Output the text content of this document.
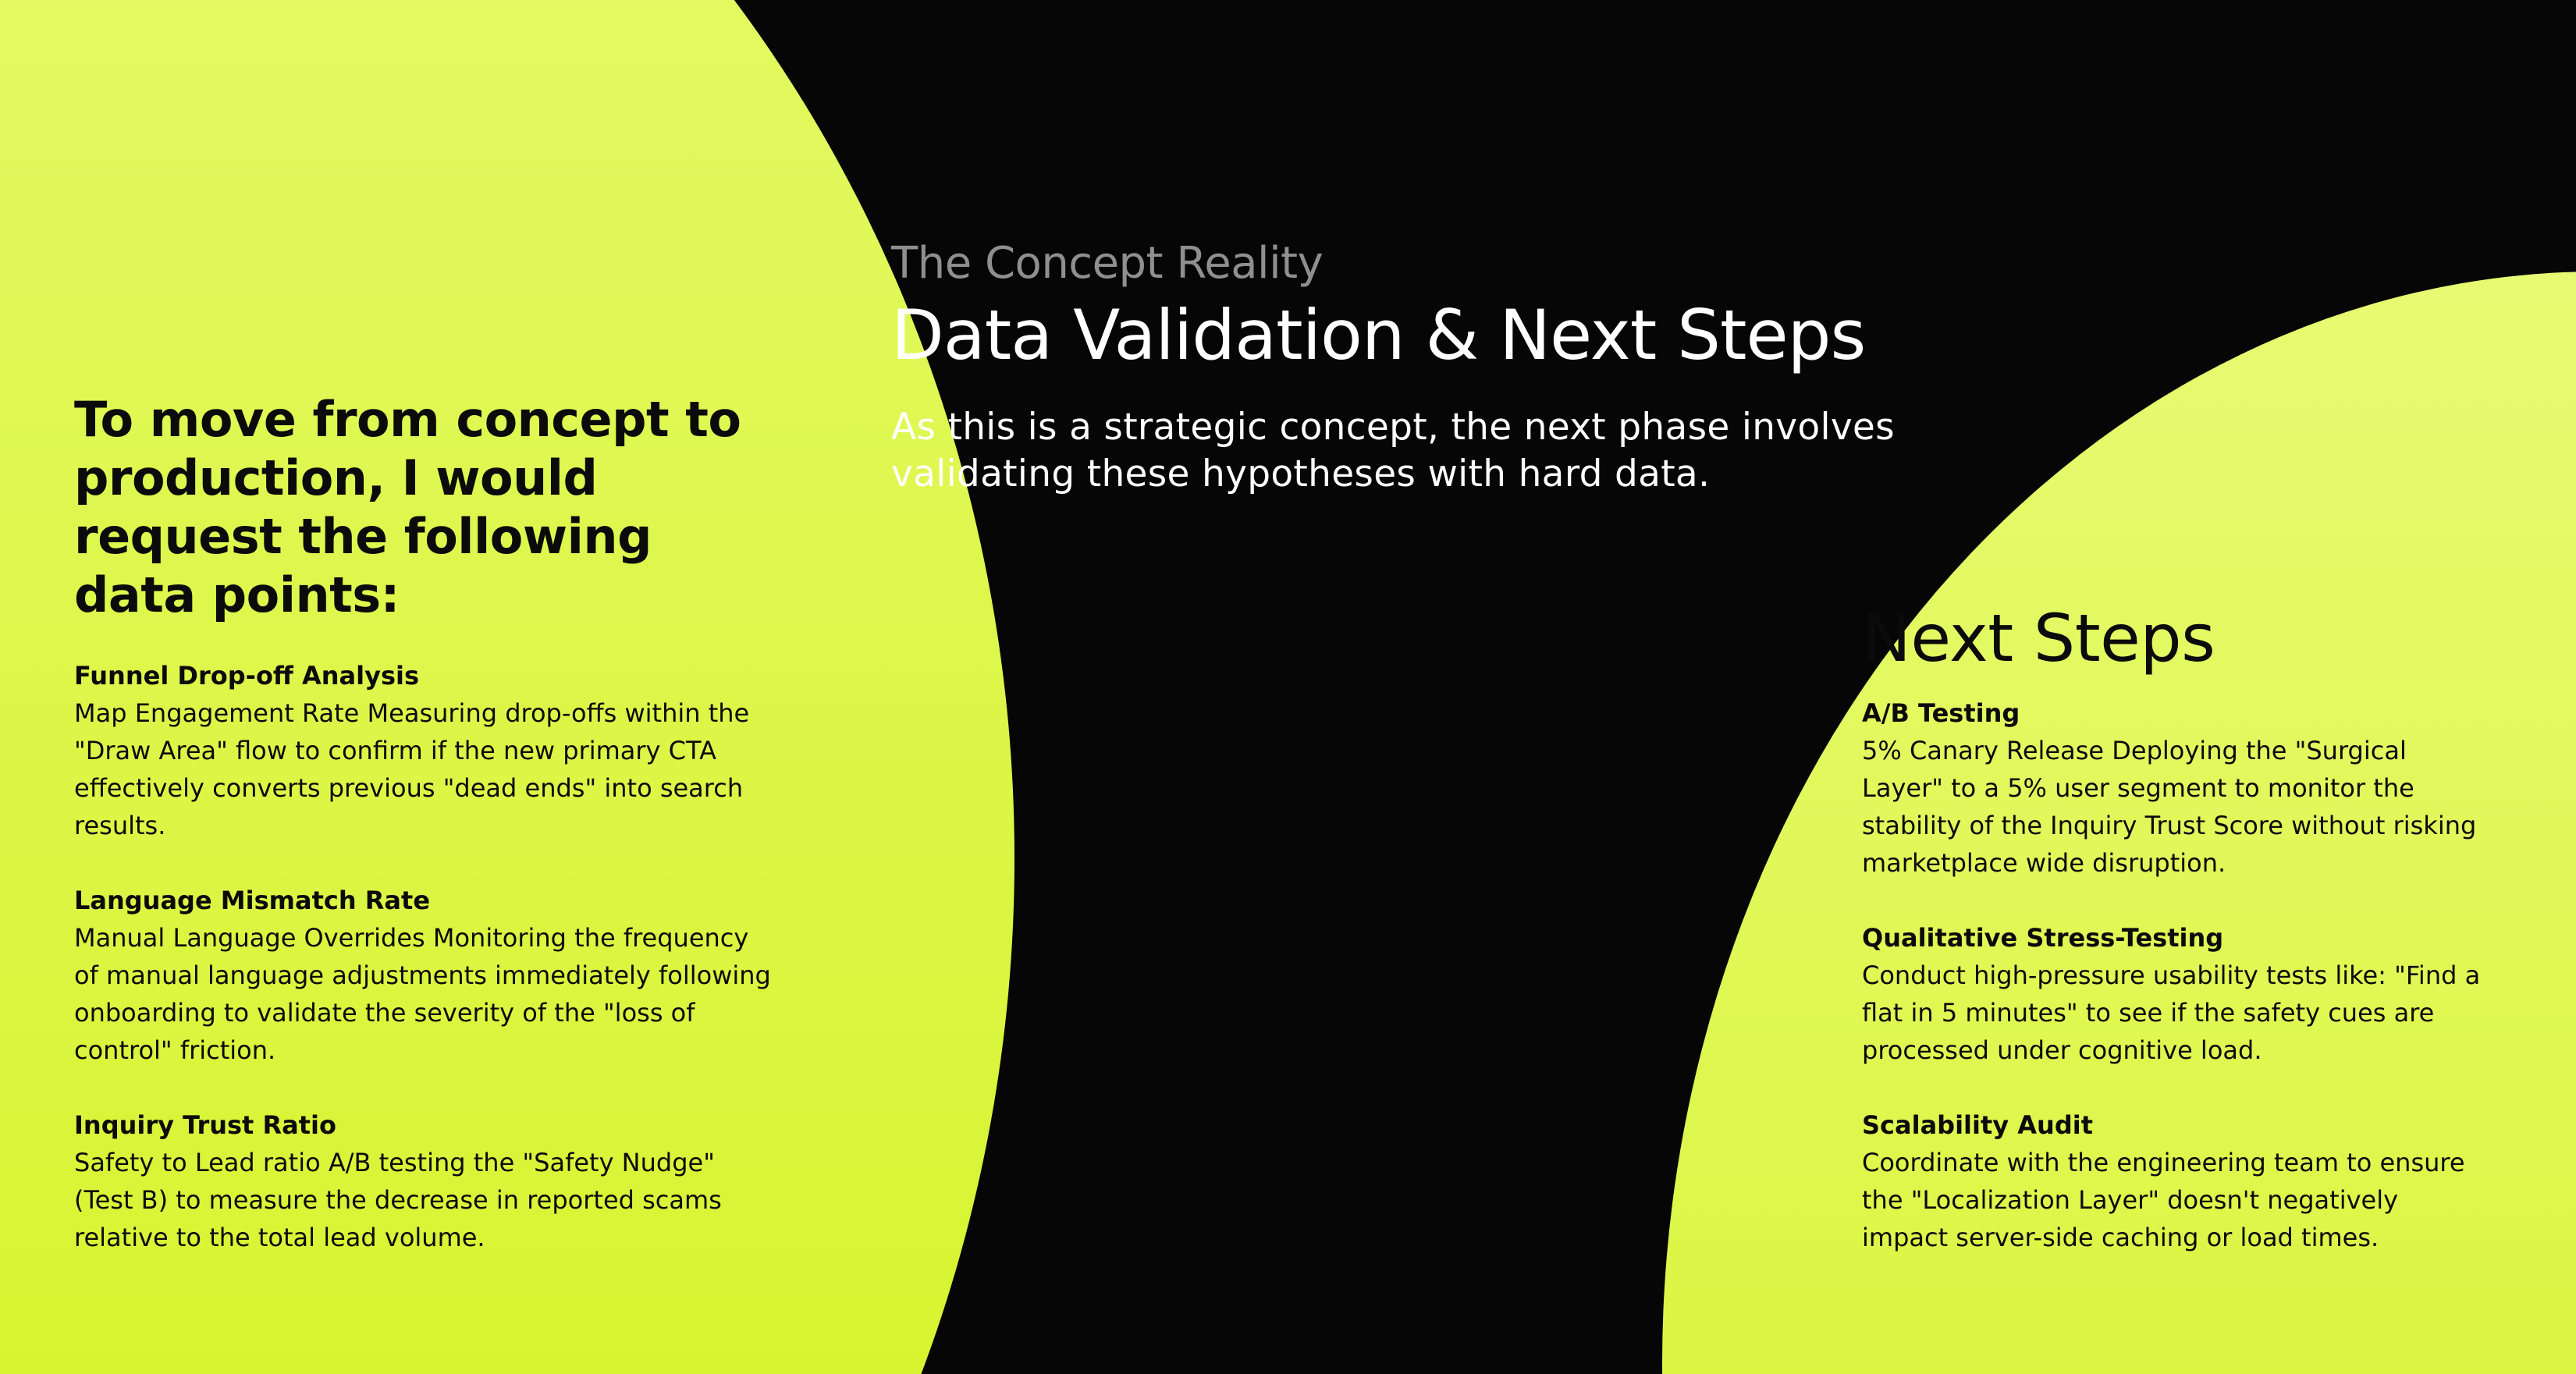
The Concept Reality
Data Validation & Next Steps
As this is a strategic concept, the next phase involves validating these hypotheses with hard data.
To move from concept to production, I would request the following data points:
Funnel Drop-off Analysis
Map Engagement Rate Measuring drop-offs within the "Draw Area" flow to confirm if the new primary CTA effectively converts previous "dead ends" into search results.
Language Mismatch Rate
Manual Language Overrides Monitoring the frequency of manual language adjustments immediately following onboarding to validate the severity of the "loss of control" friction.
Inquiry Trust Ratio
Safety to Lead ratio A/B testing the "Safety Nudge" (Test B) to measure the decrease in reported scams relative to the total lead volume.
Next Steps
A/B Testing
5% Canary Release Deploying the "Surgical Layer" to a 5% user segment to monitor the stability of the Inquiry Trust Score without risking marketplace wide disruption.
Qualitative Stress-Testing
Conduct high-pressure usability tests like: "Find a flat in 5 minutes" to see if the safety cues are processed under cognitive load.
Scalability Audit
Coordinate with the engineering team to ensure the "Localization Layer" doesn't negatively impact server-side caching or load times.
